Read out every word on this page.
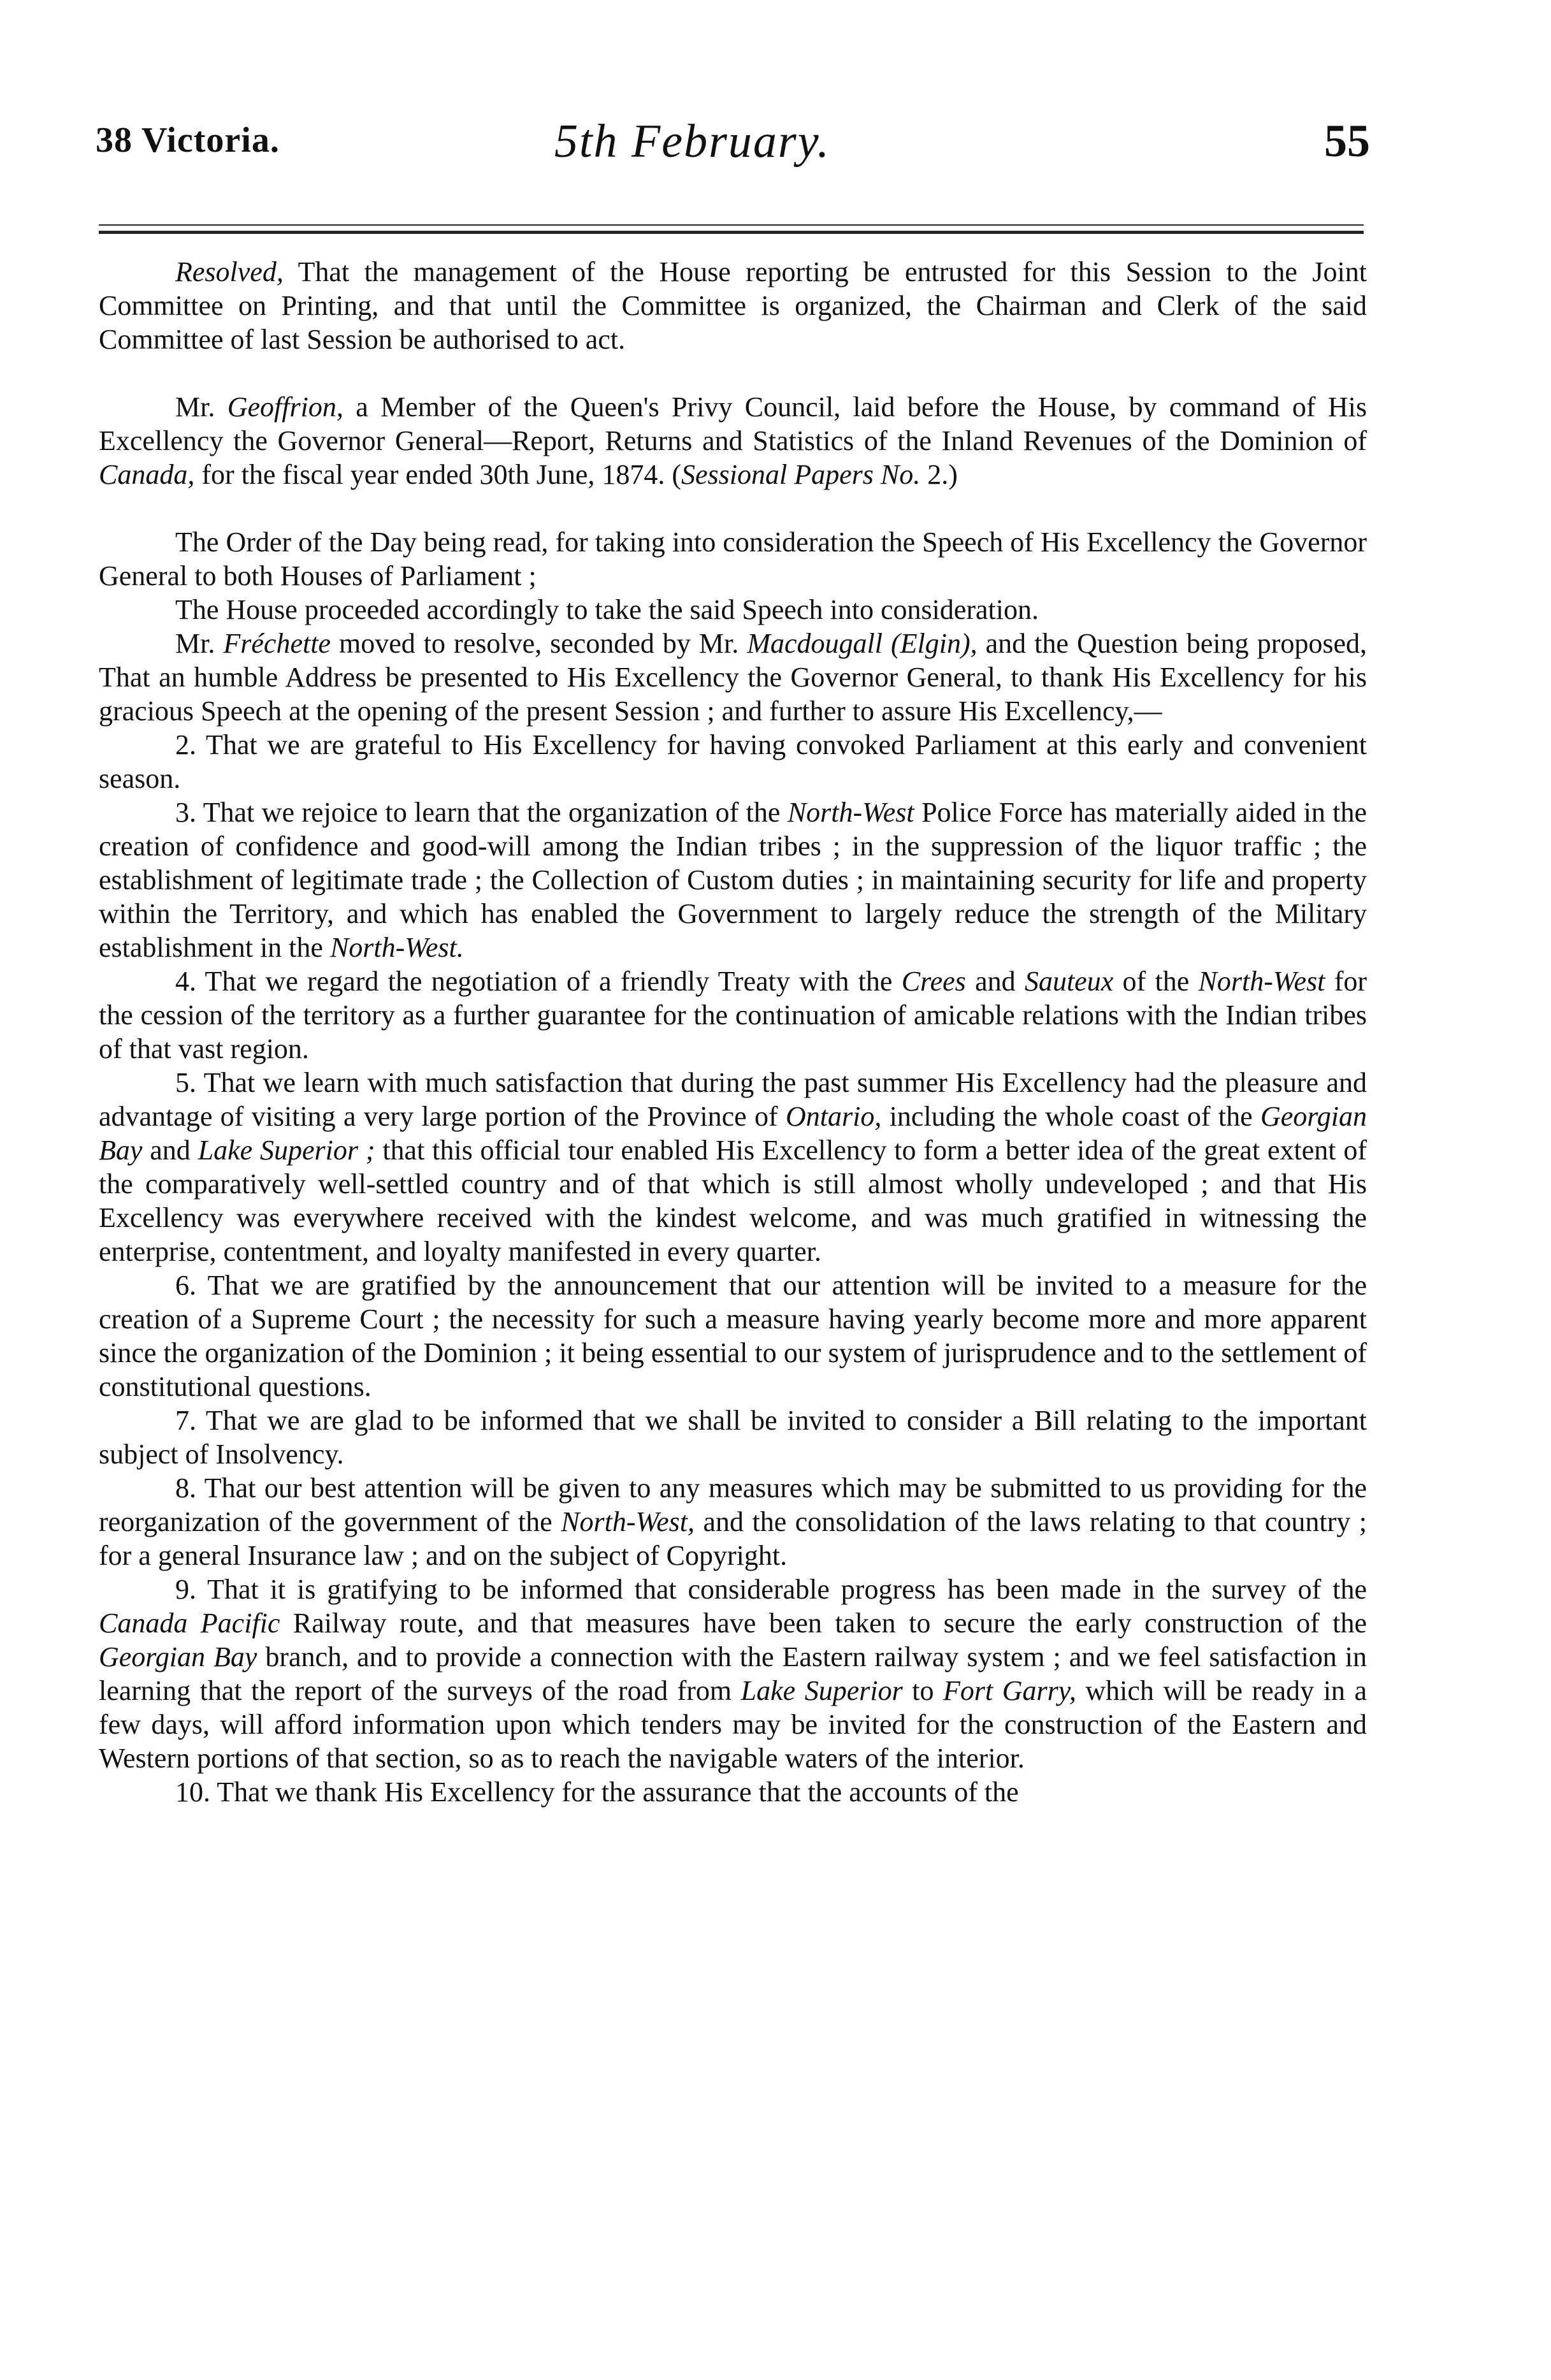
38 Victoria.	5th February.	55

Resolved, That the management of the House reporting be entrusted for this Session to the Joint Committee on Printing, and that until the Committee is organized, the Chairman and Clerk of the said Committee of last Session be authorised to act.

Mr. Geoffrion, a Member of the Queen's Privy Council, laid before the House, by command of His Excellency the Governor General—Report, Returns and Statistics of the Inland Revenues of the Dominion of Canada, for the fiscal year ended 30th June, 1874. (Sessional Papers No. 2.)

The Order of the Day being read, for taking into consideration the Speech of His Excellency the Governor General to both Houses of Parliament ;

The House proceeded accordingly to take the said Speech into consideration.

Mr. Fréchette moved to resolve, seconded by Mr. Macdougall (Elgin), and the Question being proposed, That an humble Address be presented to His Excellency the Governor General, to thank His Excellency for his gracious Speech at the opening of the present Session ; and further to assure His Excellency,—

2. That we are grateful to His Excellency for having convoked Parliament at this early and convenient season.

3. That we rejoice to learn that the organization of the North-West Police Force has materially aided in the creation of confidence and good-will among the Indian tribes ; in the suppression of the liquor traffic ; the establishment of legitimate trade ; the Collection of Custom duties ; in maintaining security for life and property within the Territory, and which has enabled the Government to largely reduce the strength of the Military establishment in the North-West.

4. That we regard the negotiation of a friendly Treaty with the Crees and Sauteux of the North-West for the cession of the territory as a further guarantee for the continuation of amicable relations with the Indian tribes of that vast region.

5. That we learn with much satisfaction that during the past summer His Excellency had the pleasure and advantage of visiting a very large portion of the Province of Ontario, including the whole coast of the Georgian Bay and Lake Superior ; that this official tour enabled His Excellency to form a better idea of the great extent of the comparatively well-settled country and of that which is still almost wholly undeveloped ; and that His Excellency was everywhere received with the kindest welcome, and was much gratified in witnessing the enterprise, contentment, and loyalty manifested in every quarter.

6. That we are gratified by the announcement that our attention will be invited to a measure for the creation of a Supreme Court ; the necessity for such a measure having yearly become more and more apparent since the organization of the Dominion ; it being essential to our system of jurisprudence and to the settlement of constitutional questions.

7. That we are glad to be informed that we shall be invited to consider a Bill relating to the important subject of Insolvency.

8. That our best attention will be given to any measures which may be submitted to us providing for the reorganization of the government of the North-West, and the consolidation of the laws relating to that country ; for a general Insurance law ; and on the subject of Copyright.

9. That it is gratifying to be informed that considerable progress has been made in the survey of the Canada Pacific Railway route, and that measures have been taken to secure the early construction of the Georgian Bay branch, and to provide a connection with the Eastern railway system ; and we feel satisfaction in learning that the report of the surveys of the road from Lake Superior to Fort Garry, which will be ready in a few days, will afford information upon which tenders may be invited for the construction of the Eastern and Western portions of that section, so as to reach the navigable waters of the interior.

10. That we thank His Excellency for the assurance that the accounts of the
